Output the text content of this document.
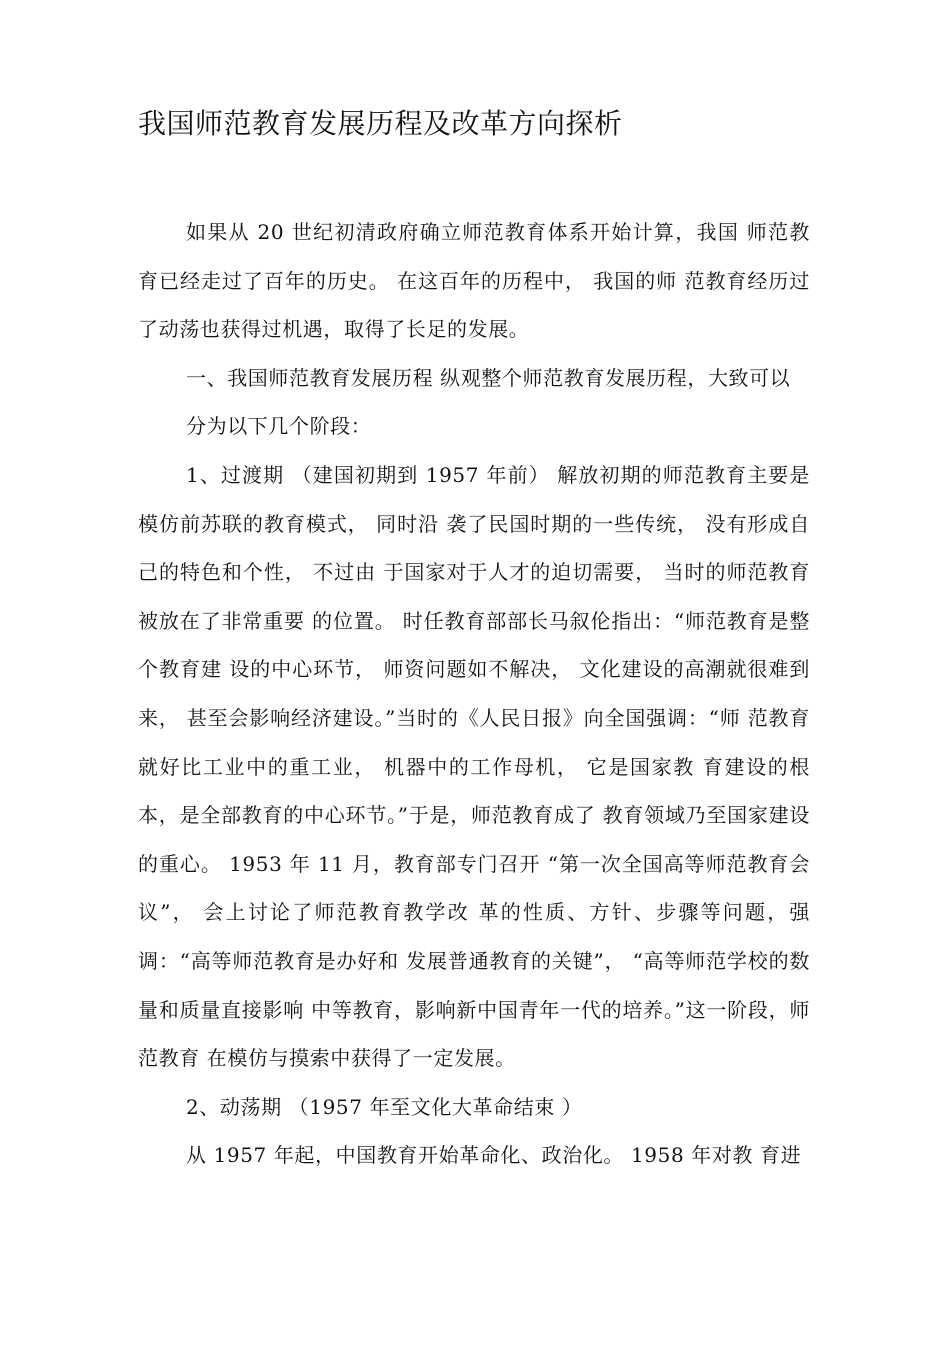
我国师范教育发展历程及改革方向探析

如果从 20 世纪初清政府确立师范教育体系开始计算，我国 师范教育已经走过了百年的历史。 在这百年的历程中， 我国的师 范教育经历过了动荡也获得过机遇，取得了长足的发展。

一、我国师范教育发展历程 纵观整个师范教育发展历程，大致可以

分为以下几个阶段：

1、过渡期 （建国初期到 1957 年前） 解放初期的师范教育主要是模仿前苏联的教育模式， 同时沿 袭了民国时期的一些传统， 没有形成自己的特色和个性， 不过由 于国家对于人才的迫切需要， 当时的师范教育被放在了非常重要 的位置。 时任教育部部长马叙伦指出：“师范教育是整个教育建 设的中心环节， 师资问题如不解决， 文化建设的高潮就很难到来， 甚至会影响经济建设。”当时的《人民日报》向全国强调：“师 范教育就好比工业中的重工业， 机器中的工作母机， 它是国家教 育建设的根本，是全部教育的中心环节。”于是，师范教育成了 教育领域乃至国家建设的重心。 1953 年 11 月，教育部专门召开 “第一次全国高等师范教育会议”， 会上讨论了师范教育教学改 革的性质、方针、步骤等问题，强调：“高等师范教育是办好和 发展普通教育的关键”， “高等师范学校的数量和质量直接影响 中等教育，影响新中国青年一代的培养。”这一阶段，师范教育 在模仿与摸索中获得了一定发展。

2、动荡期 （1957 年至文化大革命结束 ）

从 1957 年起，中国教育开始革命化、政治化。 1958 年对教 育进
